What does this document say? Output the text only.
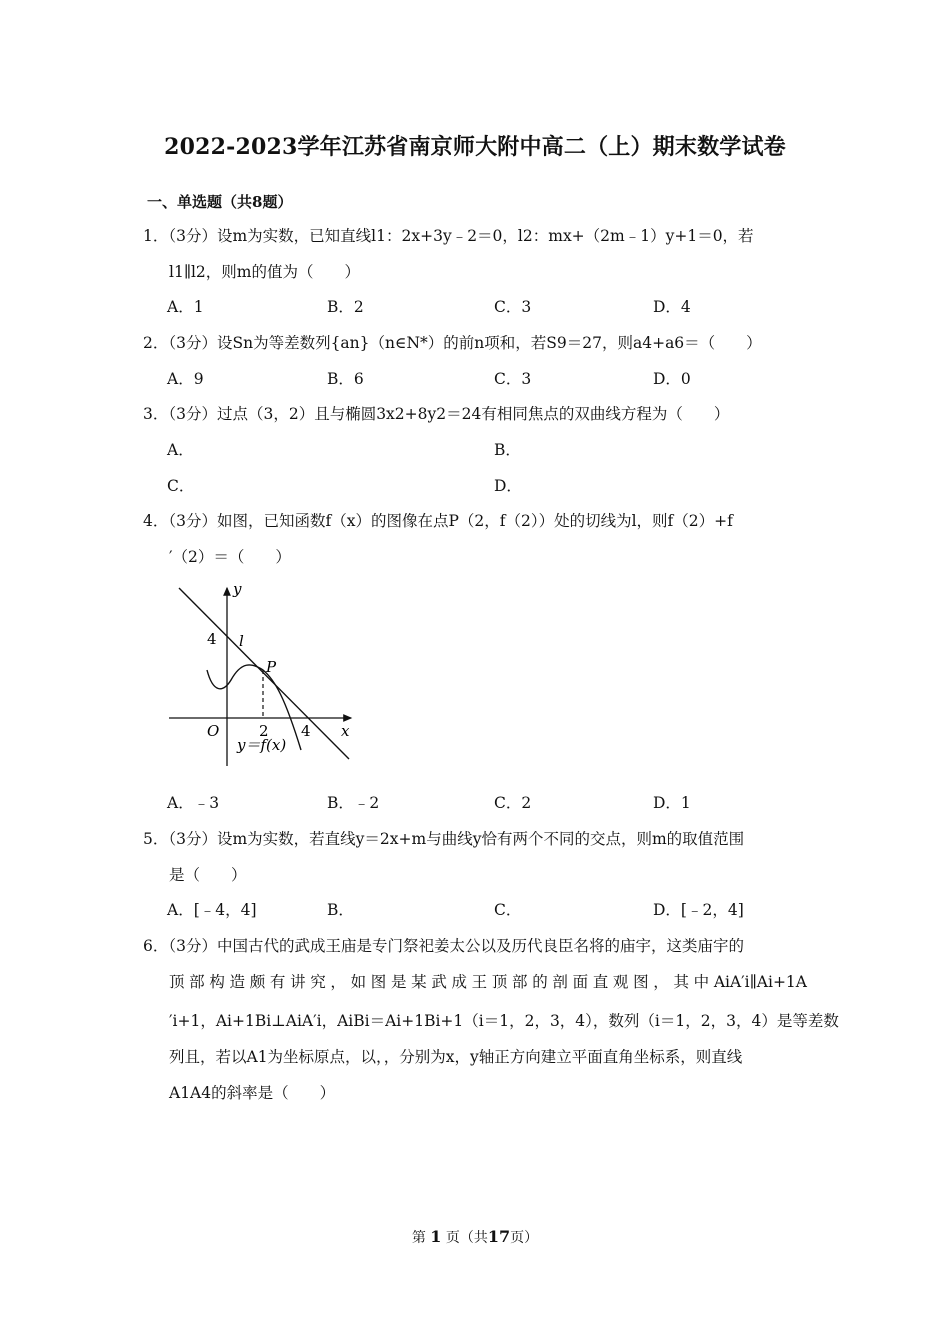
2022-2023学年江苏省南京师大附中高二（上）期末数学试卷
一、单选题（共8题）
1．（3分）设m为实数，已知直线l1：2x+3y﹣2＝0，l2：mx+（2m﹣1）y+1＝0，若
l1∥l2，则m的值为（　　）
A．1	B．2	C．3	D．4
2．（3分）设Sn为等差数列{an}（n∈N*）的前n项和，若S9＝27，则a4+a6＝（　　）
A．9	B．6	C．3	D．0
3．（3分）过点（3，2）且与椭圆3x2+8y2＝24有相同焦点的双曲线方程为（　　）
A．	B．
C．	D．
4．（3分）如图，已知函数f（x）的图像在点P（2，f（2））处的切线为l，则f（2）+f
′（2）＝（　　）
y
x
O
l
P
4
2 4
y＝f(x)
A．﹣3	B．﹣2	C．2	D．1
5．（3分）设m为实数，若直线y＝2x+m与曲线y恰有两个不同的交点，则m的取值范围
是（　　）
A．[﹣4，4]	B．	C．	D．[﹣2，4]
6．（3分）中国古代的武成王庙是专门祭祀姜太公以及历代良臣名将的庙宇，这类庙宇的
顶部构造颇有讲究，如图是某武成王顶部的剖面直观图，其中AiA′i∥Ai+1A
′i+1，Ai+1Bi⊥AiA′i，AiBi＝Ai+1Bi+1（i＝1，2，3，4），数列（i＝1，2，3，4）是等差数
列且，若以A1为坐标原点，以，，分别为x，y轴正方向建立平面直角坐标系，则直线
A1A4的斜率是（　　）
第 1 页（共17页）
